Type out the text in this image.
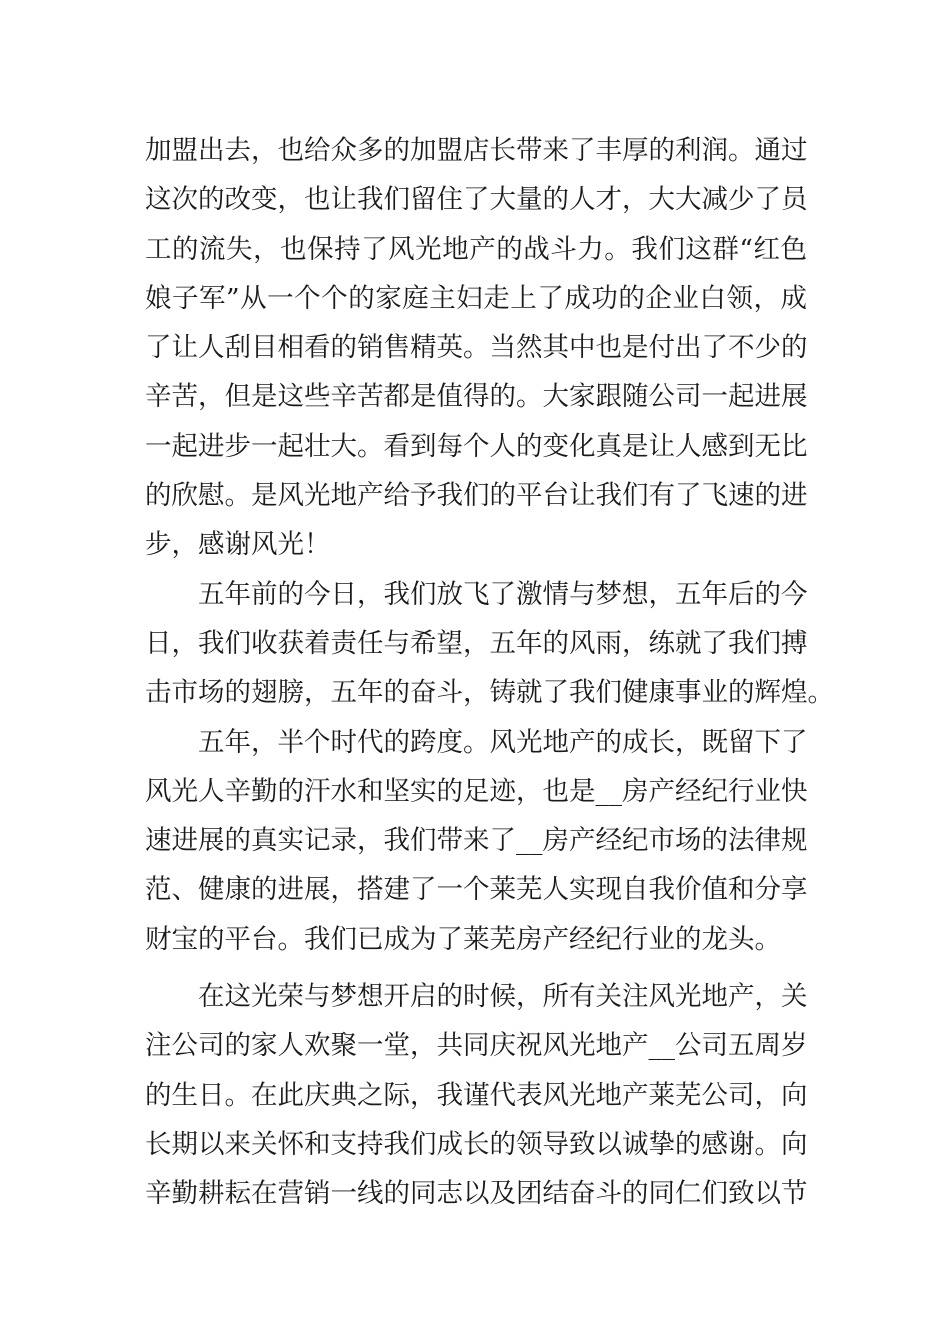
加盟出去，也给众多的加盟店长带来了丰厚的利润。通过
这次的改变，也让我们留住了大量的人才，大大减少了员
工的流失，也保持了风光地产的战斗力。我们这群“红色
娘子军”从一个个的家庭主妇走上了成功的企业白领，成
了让人刮目相看的销售精英。当然其中也是付出了不少的
辛苦，但是这些辛苦都是值得的。大家跟随公司一起进展
一起进步一起壮大。看到每个人的变化真是让人感到无比
的欣慰。是风光地产给予我们的平台让我们有了飞速的进
步，感谢风光！
五年前的今日，我们放飞了激情与梦想，五年后的今
日，我们收获着责任与希望，五年的风雨，练就了我们搏
击市场的翅膀，五年的奋斗，铸就了我们健康事业的辉煌。
五年，半个时代的跨度。风光地产的成长，既留下了
风光人辛勤的汗水和坚实的足迹，也是__房产经纪行业快
速进展的真实记录，我们带来了__房产经纪市场的法律规
范、健康的进展，搭建了一个莱芜人实现自我价值和分享
财宝的平台。我们已成为了莱芜房产经纪行业的龙头。
在这光荣与梦想开启的时候，所有关注风光地产，关
注公司的家人欢聚一堂，共同庆祝风光地产__公司五周岁
的生日。在此庆典之际，我谨代表风光地产莱芜公司，向
长期以来关怀和支持我们成长的领导致以诚挚的感谢。向
辛勤耕耘在营销一线的同志以及团结奋斗的同仁们致以节
